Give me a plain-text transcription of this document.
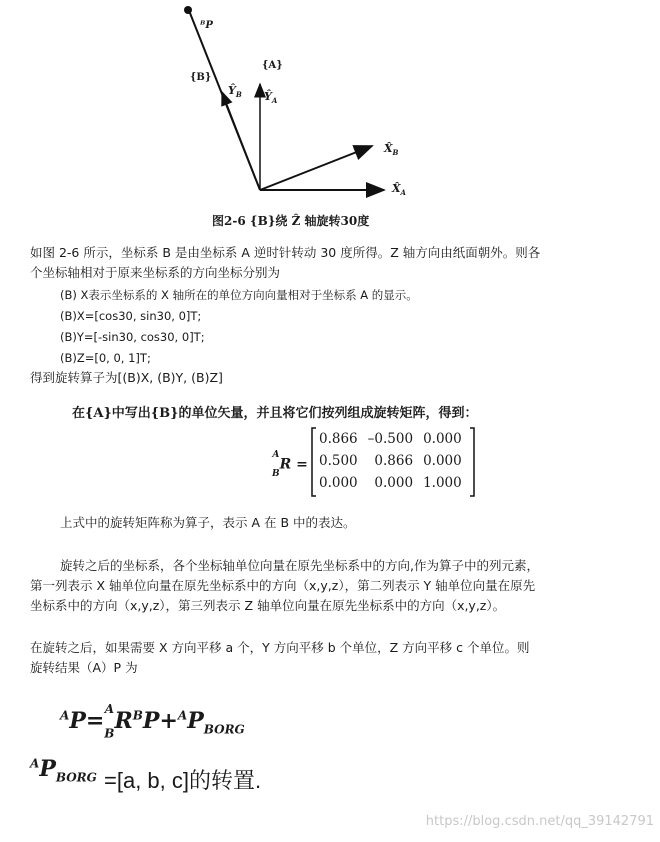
ᴮP
{B}
{A}
$Ŷ_B$ $Ŷ_A$
$X̂_B$
$X̂_A$
图2-6 {B}绕 Ẑ 轴旋转30度
如图 2-6 所示，坐标系 B 是由坐标系 A 逆时针转动 30 度所得。Z 轴方向由纸面朝外。则各
个坐标轴相对于原来坐标系的方向坐标分别为
(B) X表示坐标系的 X 轴所在的单位方向向量相对于坐标系 A 的显示。
(B)X=[cos30, sin30, 0]T;
(B)Y=[-sin30, cos30, 0]T;
(B)Z=[0, 0, 1]T;
得到旋转算子为[(B)X, (B)Y, (B)Z]
在{A}中写出{B}的单位矢量，并且将它们按列组成旋转矩阵，得到：
0.866	–0.500	0.000
0.500	0.866	0.000
0.000	0.000	1.000
$^A$
$_B$R =
上式中的旋转矩阵称为算子，表示 A 在 B 中的表达。
旋转之后的坐标系，各个坐标轴单位向量在原先坐标系中的方向,作为算子中的列元素，
第一列表示 X 轴单位向量在原先坐标系中的方向（x,y,z），第二列表示 Y 轴单位向量在原先
坐标系中的方向（x,y,z），第三列表示 Z 轴单位向量在原先坐标系中的方向（x,y,z）。
在旋转之后，如果需要 X 方向平移 a 个，Y 方向平移 b 个单位，Z 方向平移 c 个单位。则
旋转结果（A）P 为
$^A$P=$^A$
$_BR^BP+^AP_{BORG}$
$^AP_{BORG} =[a$, b, c]的转置.
https://blog.csdn.net/qq_39142791
